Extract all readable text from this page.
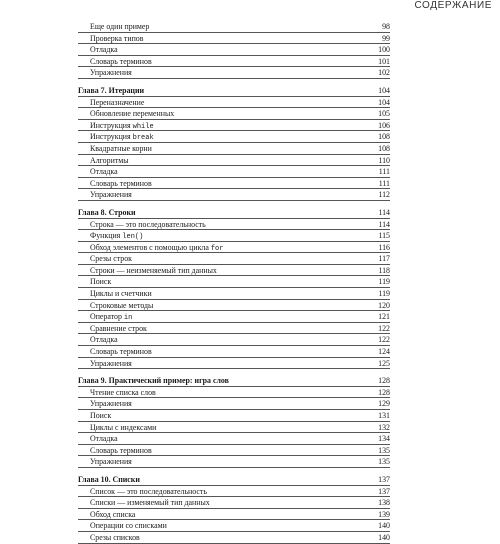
СОДЕРЖАНИЕ
Еще один пример	98
Проверка типов	99
Отладка	100
Словарь терминов	101
Упражнения	102
Глава 7. Итерации	104
Переназначение	104
Обновление переменных	105
Инструкция while	106
Инструкция break	108
Квадратные корни	108
Алгоритмы	110
Отладка	111
Словарь терминов	111
Упражнения	112
Глава 8. Строки	114
Строка — это последовательность	114
Функция len()	115
Обход элементов с помощью цикла for	116
Срезы строк	117
Строки — неизменяемый тип данных	118
Поиск	119
Циклы и счетчики	119
Строковые методы	120
Оператор in	121
Сравнение строк	122
Отладка	122
Словарь терминов	124
Упражнения	125
Глава 9. Практический пример: игра слов	128
Чтение списка слов	128
Упражнения	129
Поиск	131
Циклы с индексами	132
Отладка	134
Словарь терминов	135
Упражнения	135
Глава 10. Списки	137
Список — это последовательность	137
Списки — изменяемый тип данных	138
Обход списка	139
Операции со списками	140
Срезы списков	140
